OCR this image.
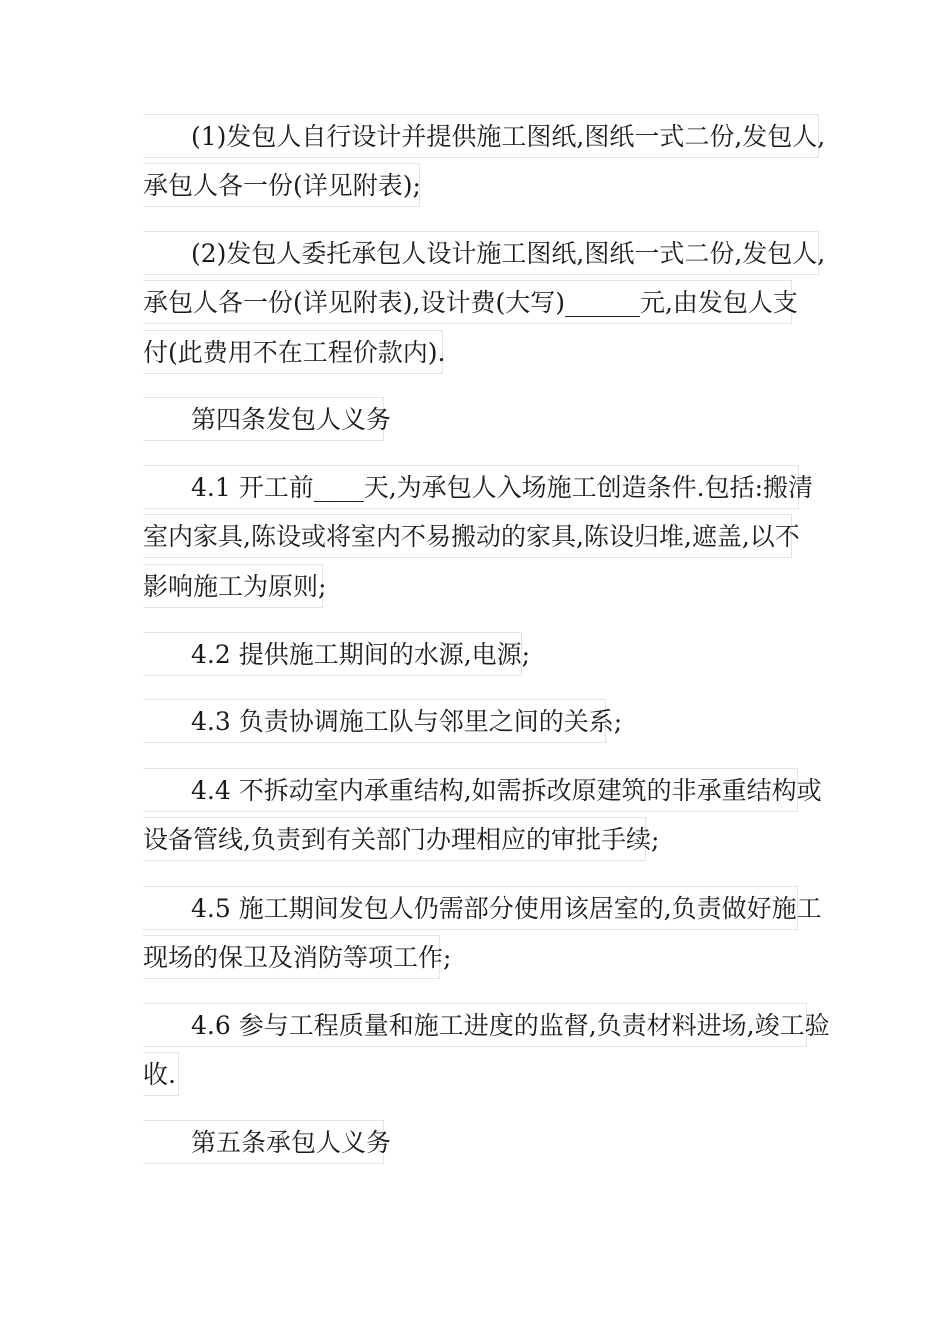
(1)发包人自行设计并提供施工图纸,图纸一式二份,发包人,
承包人各一份(详见附表);
(2)发包人委托承包人设计施工图纸,图纸一式二份,发包人,
承包人各一份(详见附表),设计费(大写)______元,由发包人支
付(此费用不在工程价款内).
第四条发包人义务
4.1 开工前____天,为承包人入场施工创造条件.包括:搬清
室内家具,陈设或将室内不易搬动的家具,陈设归堆,遮盖,以不
影响施工为原则;
4.2 提供施工期间的水源,电源;
4.3 负责协调施工队与邻里之间的关系;
4.4 不拆动室内承重结构,如需拆改原建筑的非承重结构或
设备管线,负责到有关部门办理相应的审批手续;
4.5 施工期间发包人仍需部分使用该居室的,负责做好施工
现场的保卫及消防等项工作;
4.6 参与工程质量和施工进度的监督,负责材料进场,竣工验
收.
第五条承包人义务
